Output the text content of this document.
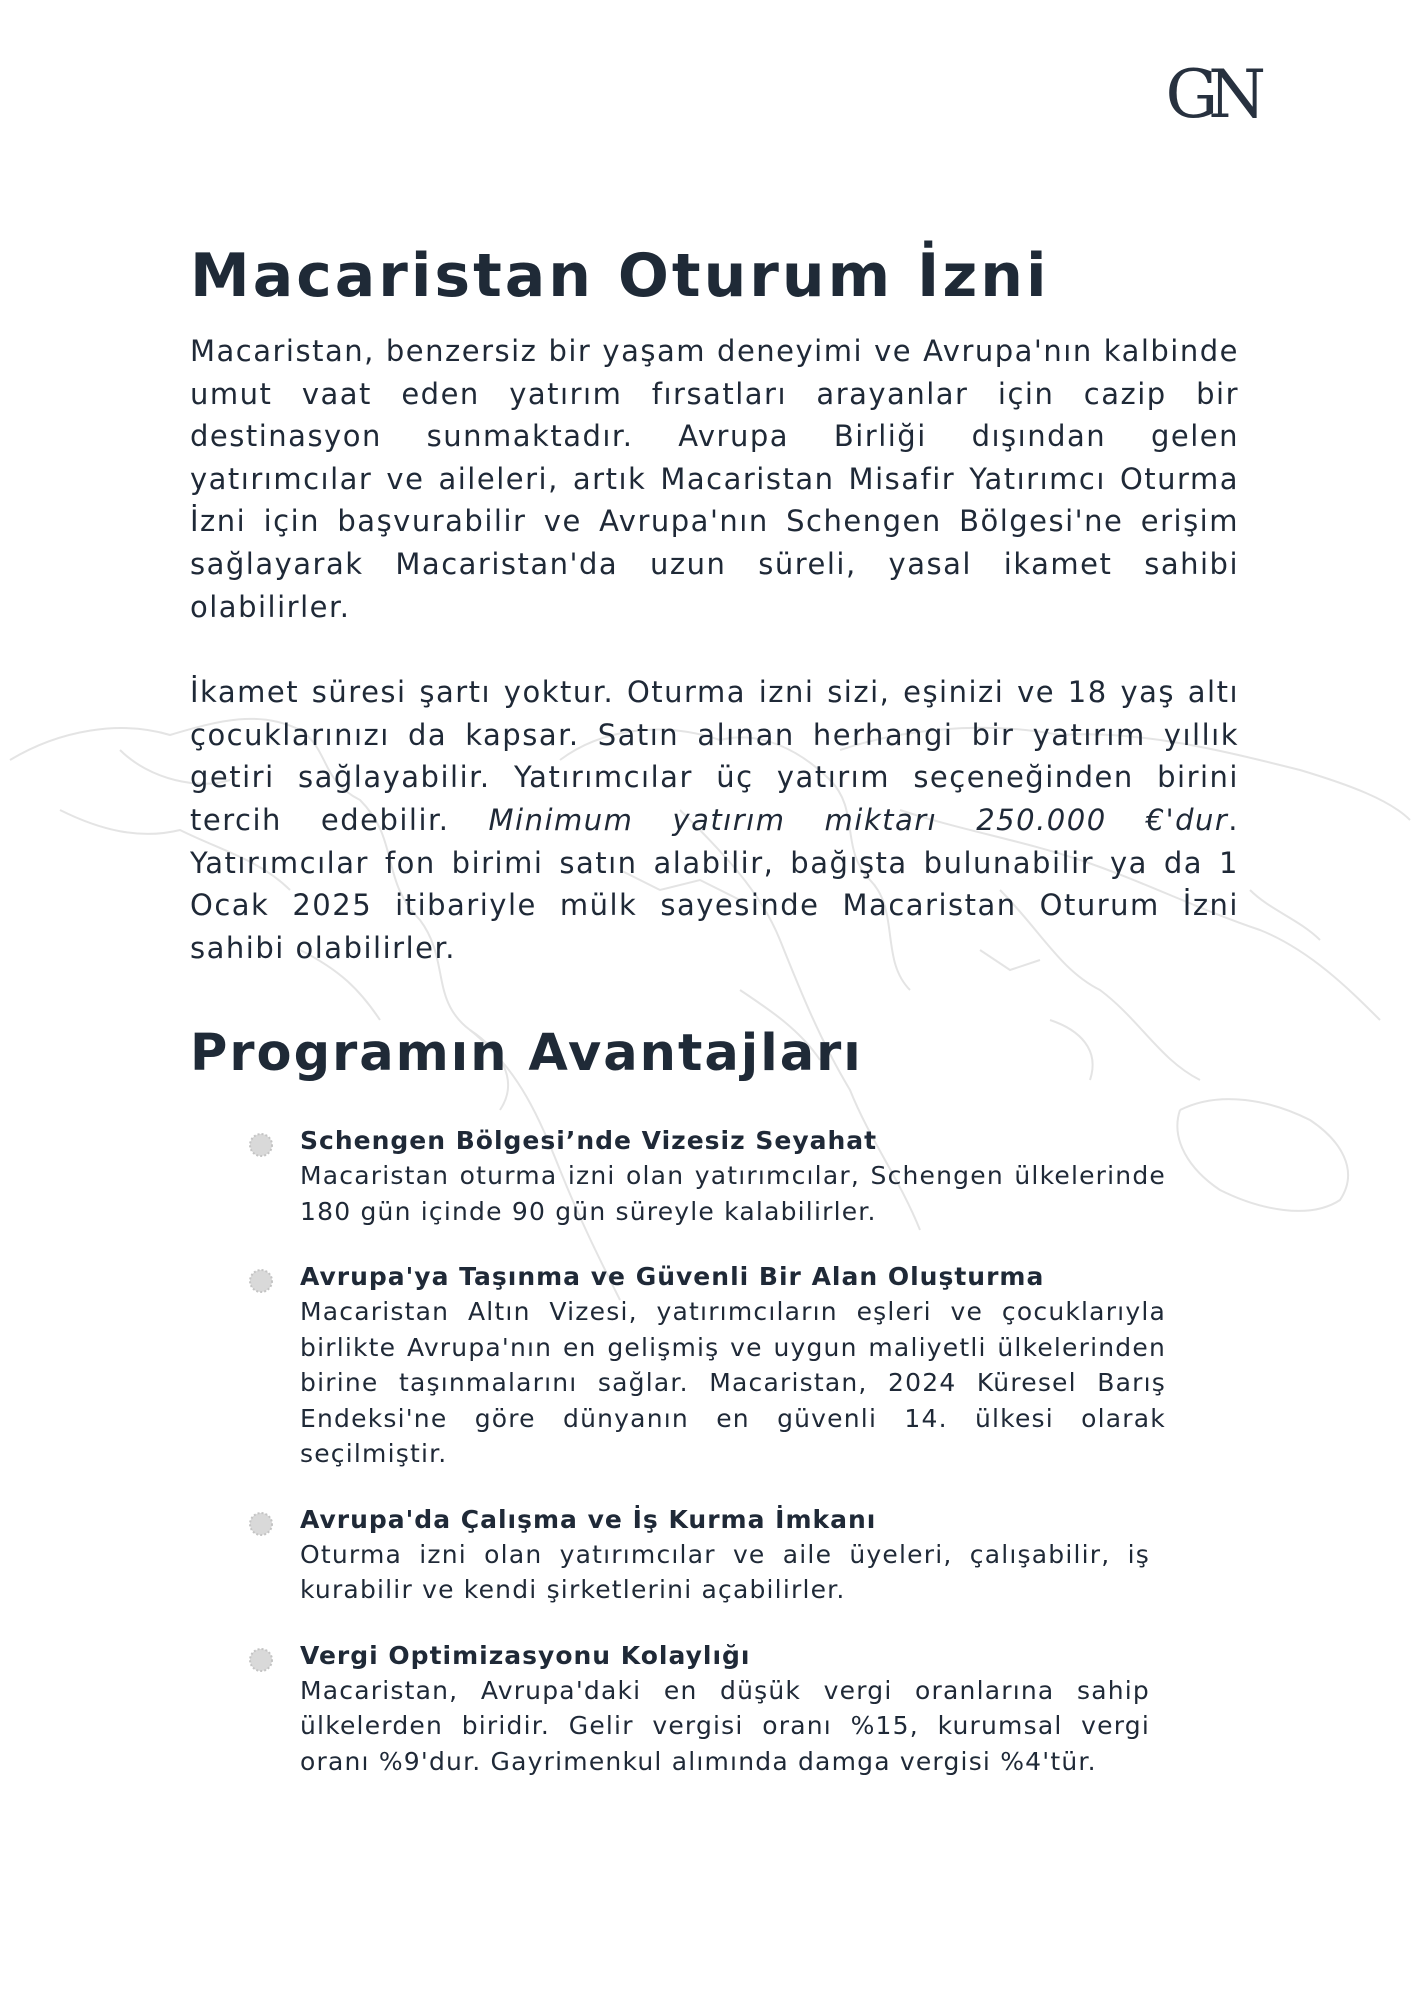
GN
Macaristan Oturum İzni

Macaristan, benzersiz bir yaşam deneyimi ve Avrupa'nın kalbinde umut vaat eden yatırım fırsatları arayanlar için cazip bir destinasyon sunmaktadır. Avrupa Birliği dışından gelen yatırımcılar ve aileleri, artık Macaristan Misafir Yatırımcı Oturma İzni için başvurabilir ve Avrupa'nın Schengen Bölgesi'ne erişim sağlayarak Macaristan'da uzun süreli, yasal ikamet sahibi olabilirler.

İkamet süresi şartı yoktur. Oturma izni sizi, eşinizi ve 18 yaş altı çocuklarınızı da kapsar. Satın alınan herhangi bir yatırım yıllık getiri sağlayabilir. Yatırımcılar üç yatırım seçeneğinden birini tercih edebilir. Minimum yatırım miktarı 250.000 €'dur. Yatırımcılar fon birimi satın alabilir, bağışta bulunabilir ya da 1 Ocak 2025 itibariyle mülk sayesinde Macaristan Oturum İzni sahibi olabilirler.

Programın Avantajları
Schengen Bölgesi’nde Vizesiz Seyahat
Macaristan oturma izni olan yatırımcılar, Schengen ülkelerinde 180 gün içinde 90 gün süreyle kalabilirler.
Avrupa'ya Taşınma ve Güvenli Bir Alan Oluşturma
Macaristan Altın Vizesi, yatırımcıların eşleri ve çocuklarıyla birlikte Avrupa'nın en gelişmiş ve uygun maliyetli ülkelerinden birine taşınmalarını sağlar. Macaristan, 2024 Küresel Barış Endeksi'ne göre dünyanın en güvenli 14. ülkesi olarak seçilmiştir.
Avrupa'da Çalışma ve İş Kurma İmkanı
Oturma izni olan yatırımcılar ve aile üyeleri, çalışabilir, iş kurabilir ve kendi şirketlerini açabilirler.
Vergi Optimizasyonu Kolaylığı
Macaristan, Avrupa'daki en düşük vergi oranlarına sahip ülkelerden biridir. Gelir vergisi oranı %15, kurumsal vergi oranı %9'dur. Gayrimenkul alımında damga vergisi %4'tür.
